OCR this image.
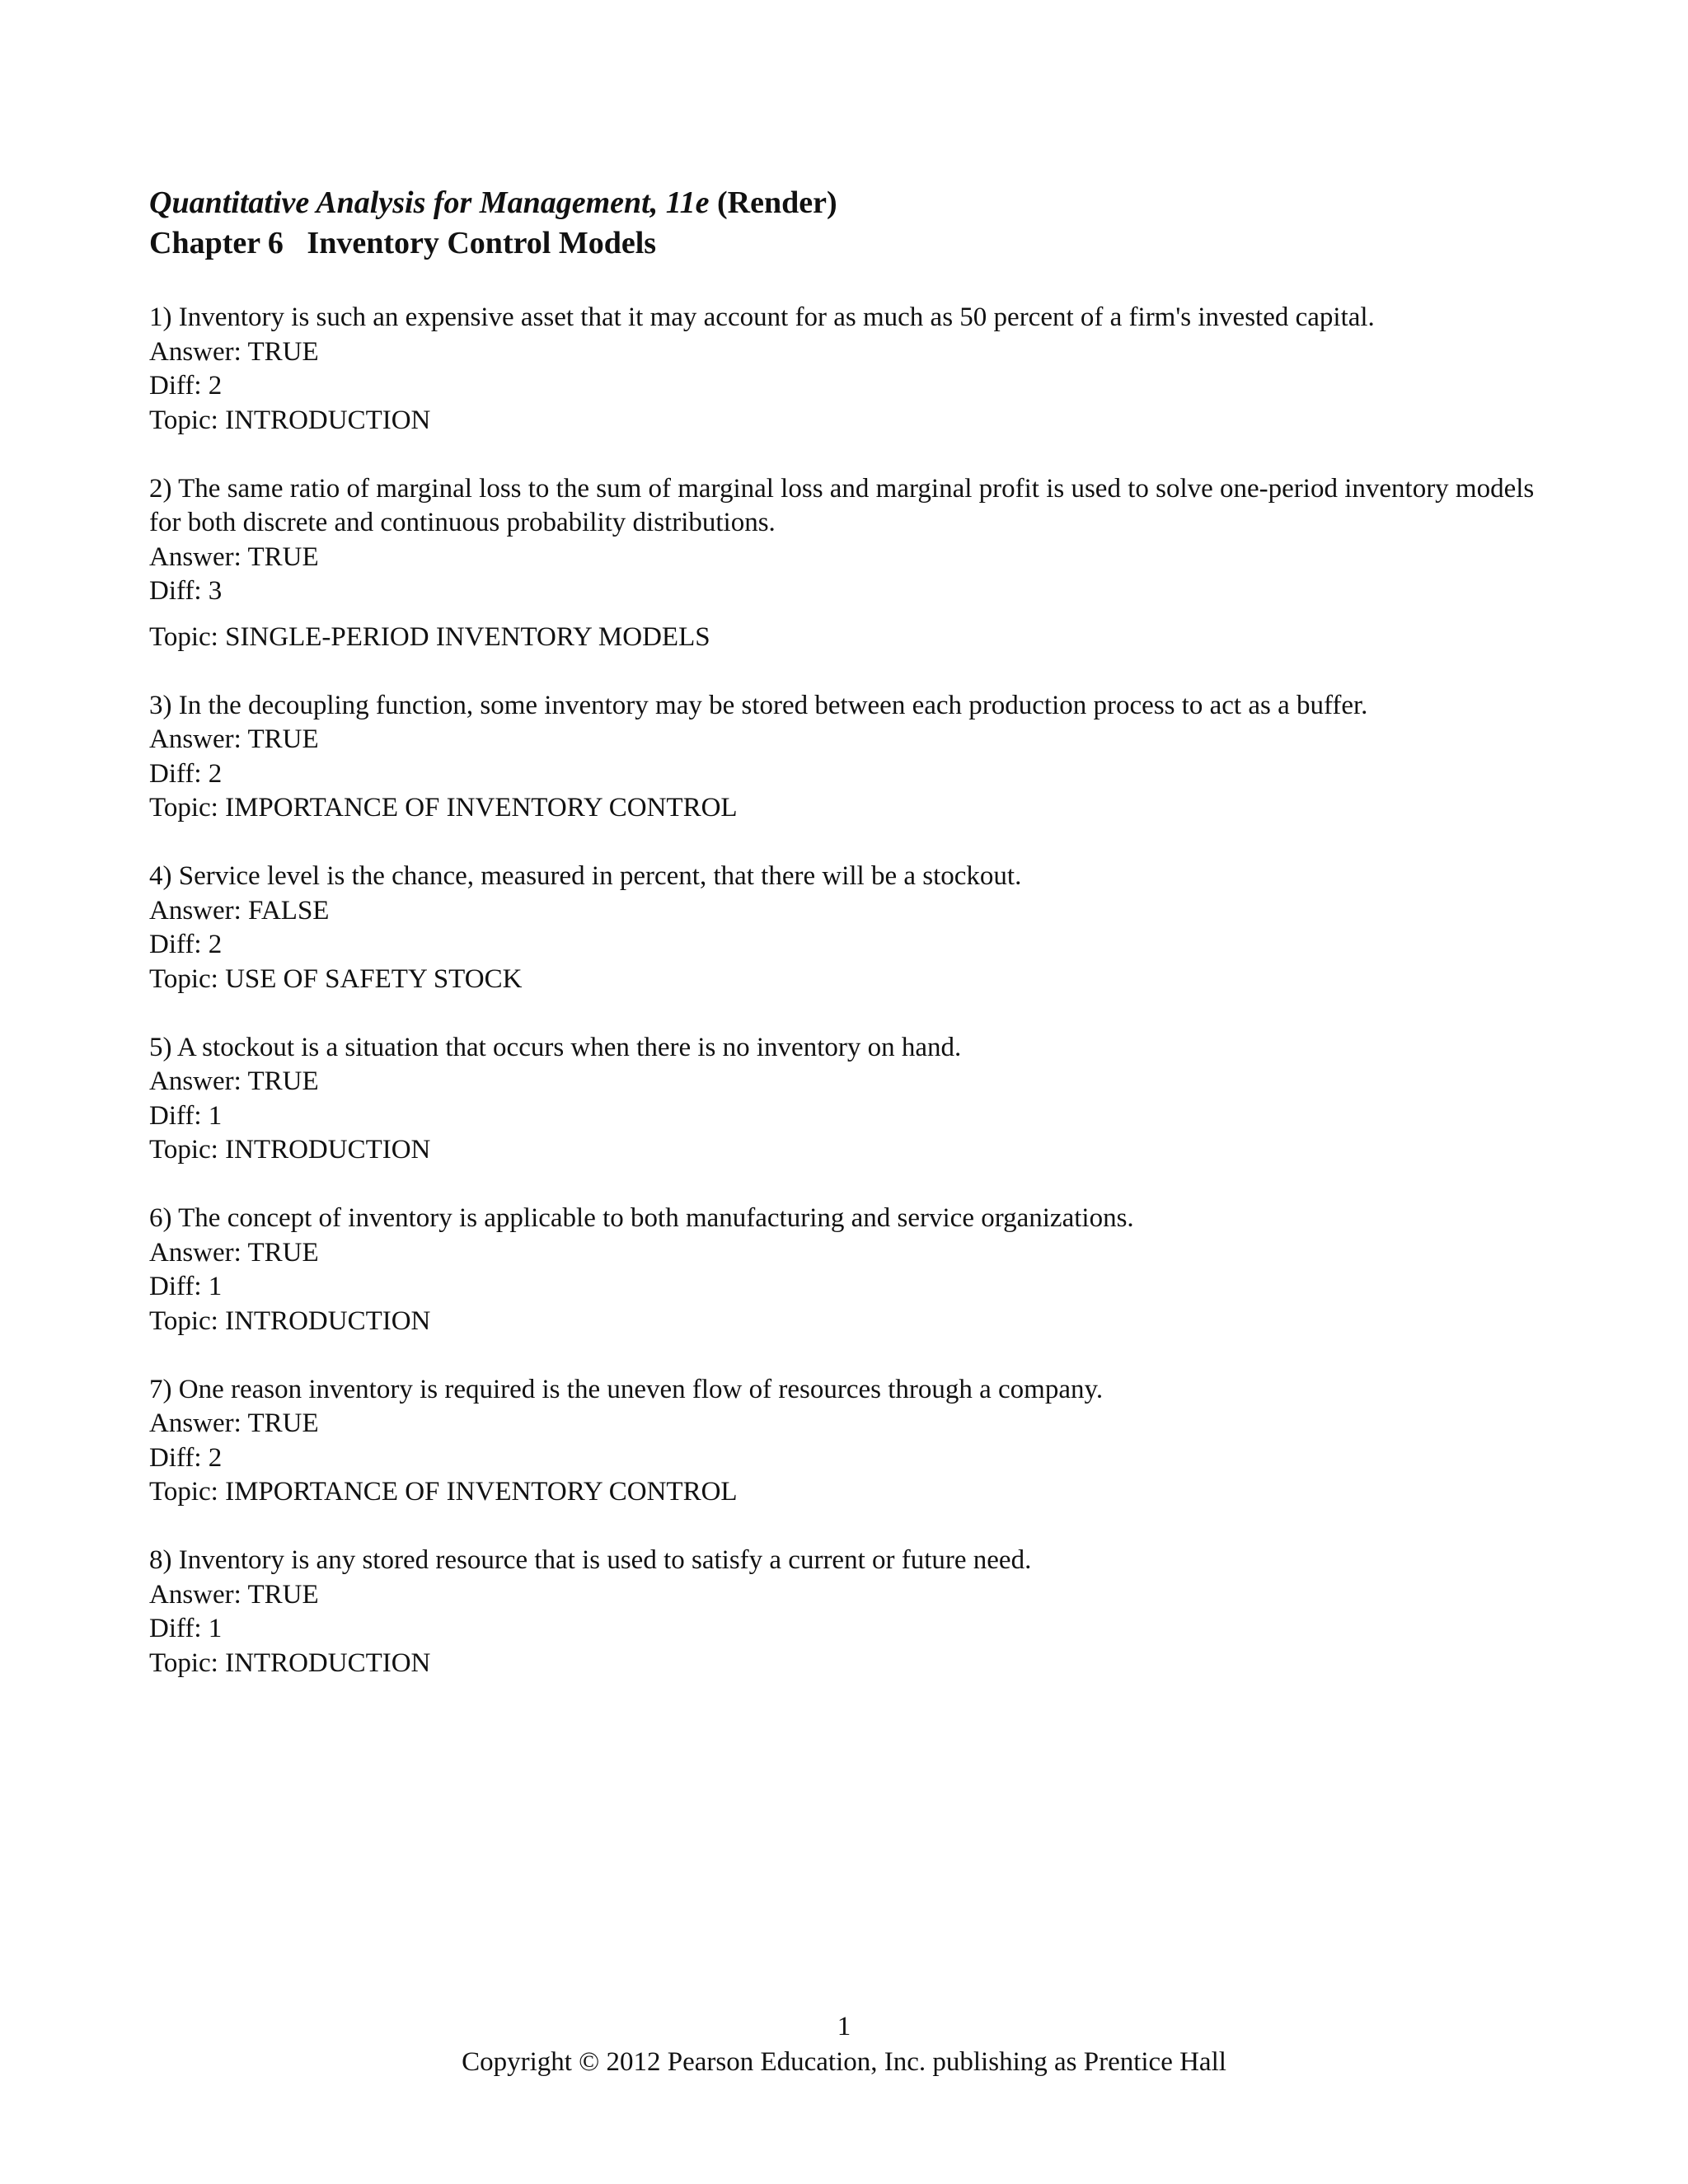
Quantitative Analysis for Management, 11e (Render)
Chapter 6 Inventory Control Models
1) Inventory is such an expensive asset that it may account for as much as 50 percent of a firm's invested capital.
Answer: TRUE
Diff: 2
Topic: INTRODUCTION
2) The same ratio of marginal loss to the sum of marginal loss and marginal profit is used to solve one-period inventory models for both discrete and continuous probability distributions.
Answer: TRUE
Diff: 3
Topic: SINGLE-PERIOD INVENTORY MODELS
3) In the decoupling function, some inventory may be stored between each production process to act as a buffer.
Answer: TRUE
Diff: 2
Topic: IMPORTANCE OF INVENTORY CONTROL
4) Service level is the chance, measured in percent, that there will be a stockout.
Answer: FALSE
Diff: 2
Topic: USE OF SAFETY STOCK
5) A stockout is a situation that occurs when there is no inventory on hand.
Answer: TRUE
Diff: 1
Topic: INTRODUCTION
6) The concept of inventory is applicable to both manufacturing and service organizations.
Answer: TRUE
Diff: 1
Topic: INTRODUCTION
7) One reason inventory is required is the uneven flow of resources through a company.
Answer: TRUE
Diff: 2
Topic: IMPORTANCE OF INVENTORY CONTROL
8) Inventory is any stored resource that is used to satisfy a current or future need.
Answer: TRUE
Diff: 1
Topic: INTRODUCTION
1
Copyright © 2012 Pearson Education, Inc. publishing as Prentice Hall
